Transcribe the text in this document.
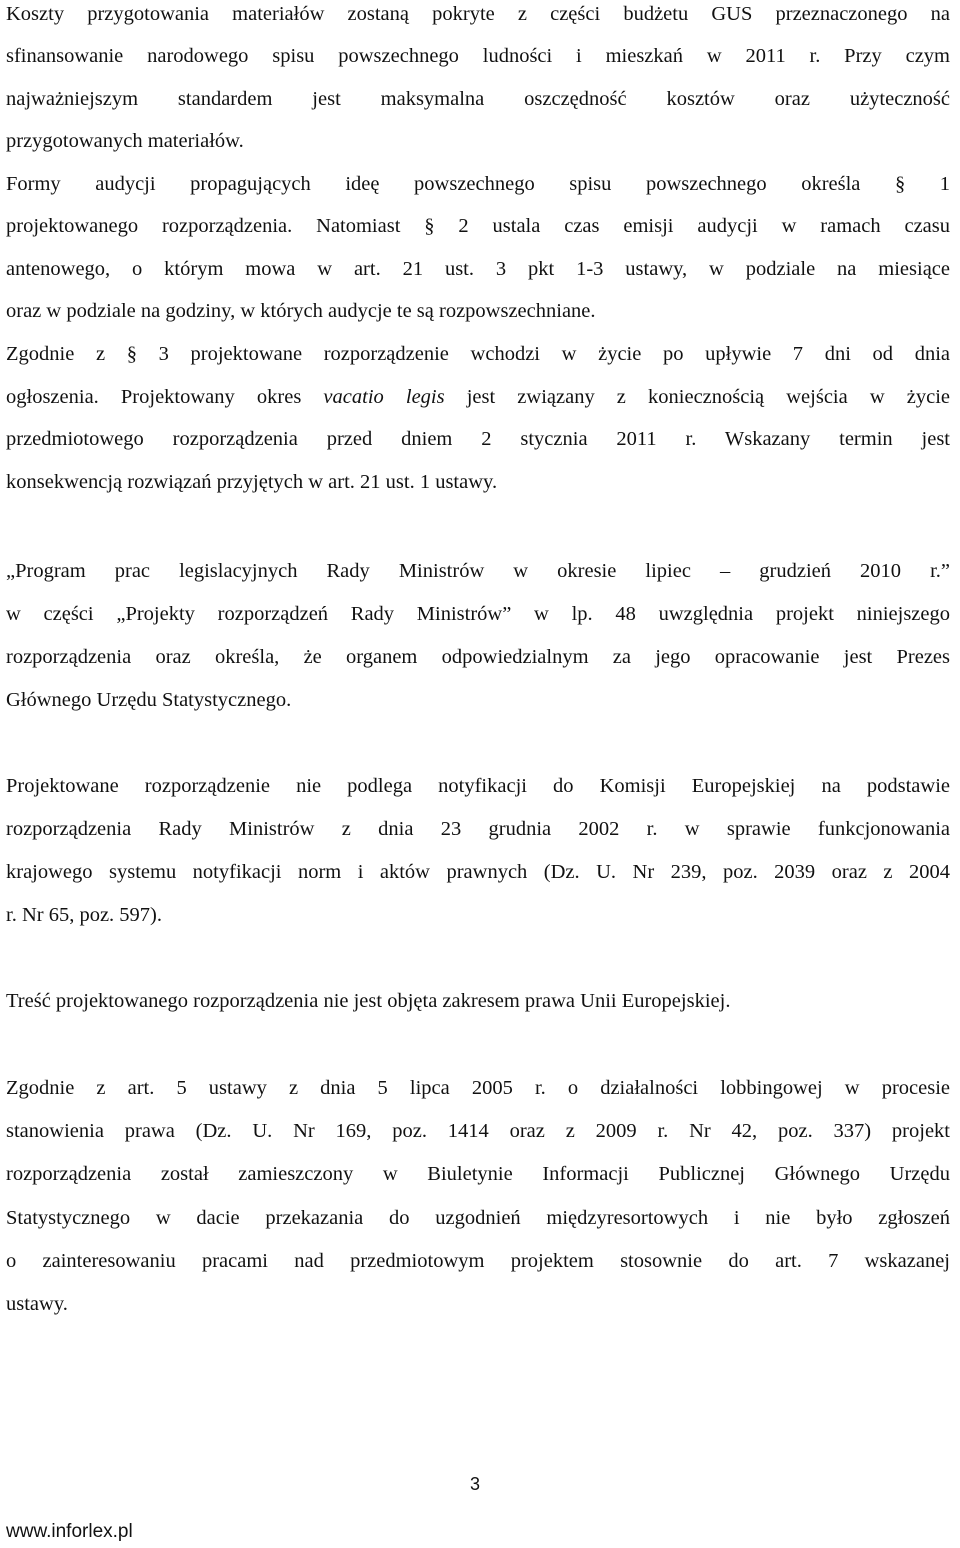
Koszty przygotowania materiałów zostaną pokryte z części budżetu GUS przeznaczonego na
sfinansowanie narodowego spisu powszechnego ludności i mieszkań w 2011 r. Przy czym
najważniejszym standardem jest maksymalna oszczędność kosztów oraz użyteczność
przygotowanych materiałów.
Formy audycji propagujących ideę powszechnego spisu powszechnego określa § 1
projektowanego rozporządzenia. Natomiast § 2 ustala czas emisji audycji w ramach czasu
antenowego, o którym mowa w art. 21 ust. 3 pkt 1-3 ustawy, w podziale na miesiące
oraz w podziale na godziny, w których audycje te są rozpowszechniane.
Zgodnie z § 3 projektowane rozporządzenie wchodzi w życie po upływie 7 dni od dnia
ogłoszenia. Projektowany okres vacatio legis jest związany z koniecznością wejścia w życie
przedmiotowego rozporządzenia przed dniem 2 stycznia 2011 r. Wskazany termin jest
konsekwencją rozwiązań przyjętych w art. 21 ust. 1 ustawy.
„Program prac legislacyjnych Rady Ministrów w okresie lipiec – grudzień 2010 r.”
w części „Projekty rozporządzeń Rady Ministrów” w lp. 48 uwzględnia projekt niniejszego
rozporządzenia oraz określa, że organem odpowiedzialnym za jego opracowanie jest Prezes
Głównego Urzędu Statystycznego.
Projektowane rozporządzenie nie podlega notyfikacji do Komisji Europejskiej na podstawie
rozporządzenia Rady Ministrów z dnia 23 grudnia 2002 r. w sprawie funkcjonowania
krajowego systemu notyfikacji norm i aktów prawnych (Dz. U. Nr 239, poz. 2039 oraz z 2004
r. Nr 65, poz. 597).
Treść projektowanego rozporządzenia nie jest objęta zakresem prawa Unii Europejskiej.
Zgodnie z art. 5 ustawy z dnia 5 lipca 2005 r. o działalności lobbingowej w procesie
stanowienia prawa (Dz. U. Nr 169, poz. 1414 oraz z 2009 r. Nr 42, poz. 337) projekt
rozporządzenia został zamieszczony w Biuletynie Informacji Publicznej Głównego Urzędu
Statystycznego w dacie przekazania do uzgodnień międzyresortowych i nie było zgłoszeń
o zainteresowaniu pracami nad przedmiotowym projektem stosownie do art. 7 wskazanej
ustawy.
3
www.inforlex.pl
